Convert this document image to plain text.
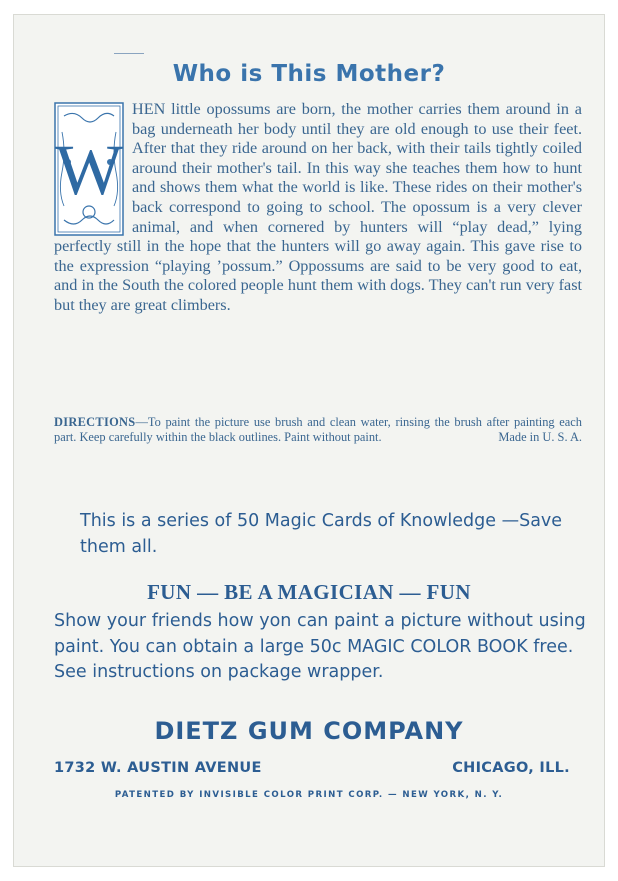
Who is This Mother?

W
HEN little opossums are born, the mother carries them around in a bag underneath her body until they are old enough to use their feet. After that they ride around on her back, with their tails tightly coiled around their mother's tail. In this way she teaches them how to hunt and shows them what the world is like. These rides on their mother's back correspond to going to school. The opossum is a very clever animal, and when cornered by hunters will “play dead,” lying perfectly still in the hope that the hunters will go away again. This gave rise to the expression “playing ’possum.” Oppossums are said to be very good to eat, and in the South the colored people hunt them with dogs. They can't run very fast but they are great climbers.

DIRECTIONS—To paint the picture use brush and clean water, rinsing the brush after painting each part. Keep carefully within the black outlines. Paint without paint.	Made in U. S. A.

This is a series of 50 Magic Cards of Knowledge —Save them all.

FUN — BE A MAGICIAN — FUN

Show your friends how yon can paint a picture without using paint. You can obtain a large 50c MAGIC COLOR BOOK free. See instructions on package wrapper.

DIETZ GUM COMPANY

1732 W. AUSTIN AVENUE	CHICAGO, ILL.

PATENTED BY INVISIBLE COLOR PRINT CORP. — NEW YORK, N. Y.
